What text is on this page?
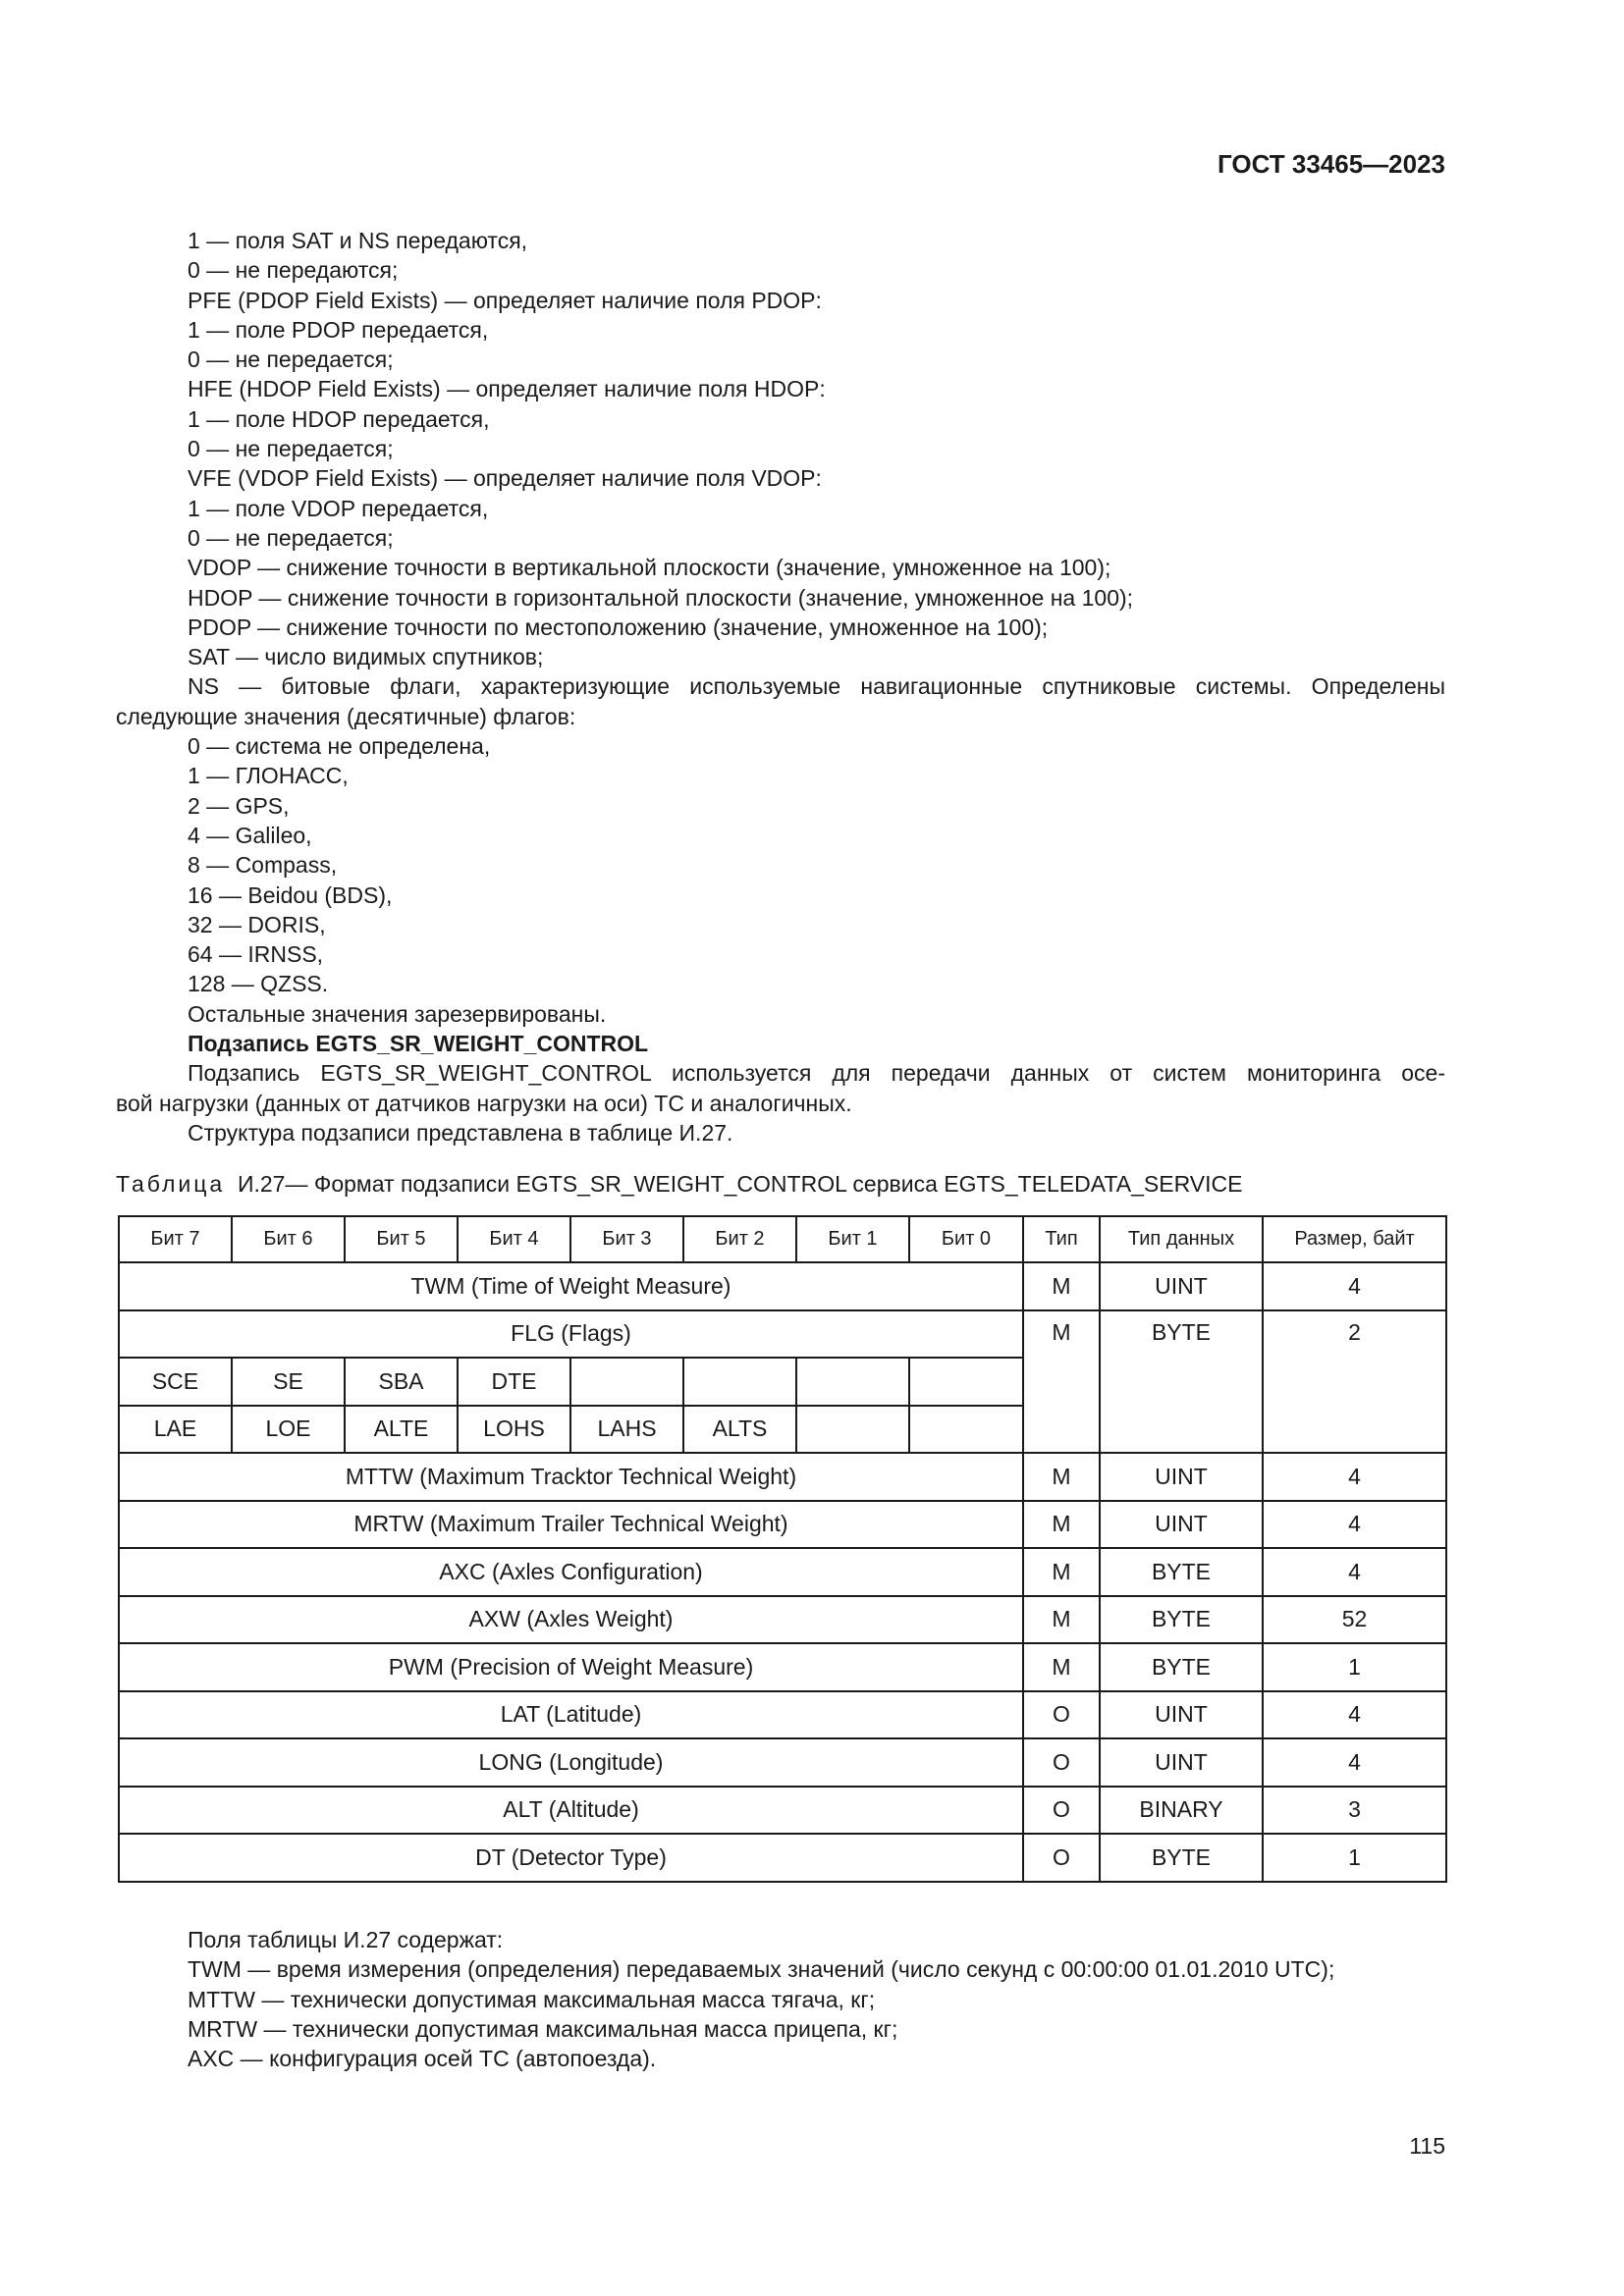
ГОСТ 33465—2023
1 — поля SAT и NS передаются,
0 — не передаются;
PFE (PDOP Field Exists) — определяет наличие поля PDOP:
1 — поле PDOP передается,
0 — не передается;
HFE (HDOP Field Exists) — определяет наличие поля HDOP:
1 — поле HDOP передается,
0 — не передается;
VFE (VDOP Field Exists) — определяет наличие поля VDOP:
1 — поле VDOP передается,
0 — не передается;
VDOP — снижение точности в вертикальной плоскости (значение, умноженное на 100);
HDOP — снижение точности в горизонтальной плоскости (значение, умноженное на 100);
PDOP — снижение точности по местоположению (значение, умноженное на 100);
SAT — число видимых спутников;
NS — битовые флаги, характеризующие используемые навигационные спутниковые системы. Определены
следующие значения (десятичные) флагов:
0 — система не определена,
1 — ГЛОНАСС,
2 — GPS,
4 — Galileo,
8 — Compass,
16 — Beidou (BDS),
32 — DORIS,
64 — IRNSS,
128 — QZSS.
Остальные значения зарезервированы.
Подзапись EGTS_SR_WEIGHT_CONTROL
Подзапись EGTS_SR_WEIGHT_CONTROL используется для передачи данных от систем мониторинга осе-
вой нагрузки (данных от датчиков нагрузки на оси) ТС и аналогичных.
Структура подзаписи представлена в таблице И.27.
Таблица И.27— Формат подзаписи EGTS_SR_WEIGHT_CONTROL сервиса EGTS_TELEDATA_SERVICE
Бит 7	Бит 6	Бит 5	Бит 4	Бит 3	Бит 2	Бит 1	Бит 0	Тип	Тип данных	Размер, байт
TWM (Time of Weight Measure)								M	UINT	4
FLG (Flags)								M	BYTE	2
SCE	SE	SBA	DTE							
LAE	LOE	ALTE	LOHS	LAHS	ALTS					
MTTW (Maximum Tracktor Technical Weight)								M	UINT	4
MRTW (Maximum Trailer Technical Weight)								M	UINT	4
AXC (Axles Configuration)								M	BYTE	4
AXW (Axles Weight)								M	BYTE	52
PWM (Precision of Weight Measure)								M	BYTE	1
LAT (Latitude)								O	UINT	4
LONG (Longitude)								O	UINT	4
ALT (Altitude)								O	BINARY	3
DT (Detector Type)								O	BYTE	1
Поля таблицы И.27 содержат:
TWM — время измерения (определения) передаваемых значений (число секунд с 00:00:00 01.01.2010 UTC);
MTTW — технически допустимая максимальная масса тягача, кг;
MRTW — технически допустимая максимальная масса прицепа, кг;
AXC — конфигурация осей ТС (автопоезда).
115
